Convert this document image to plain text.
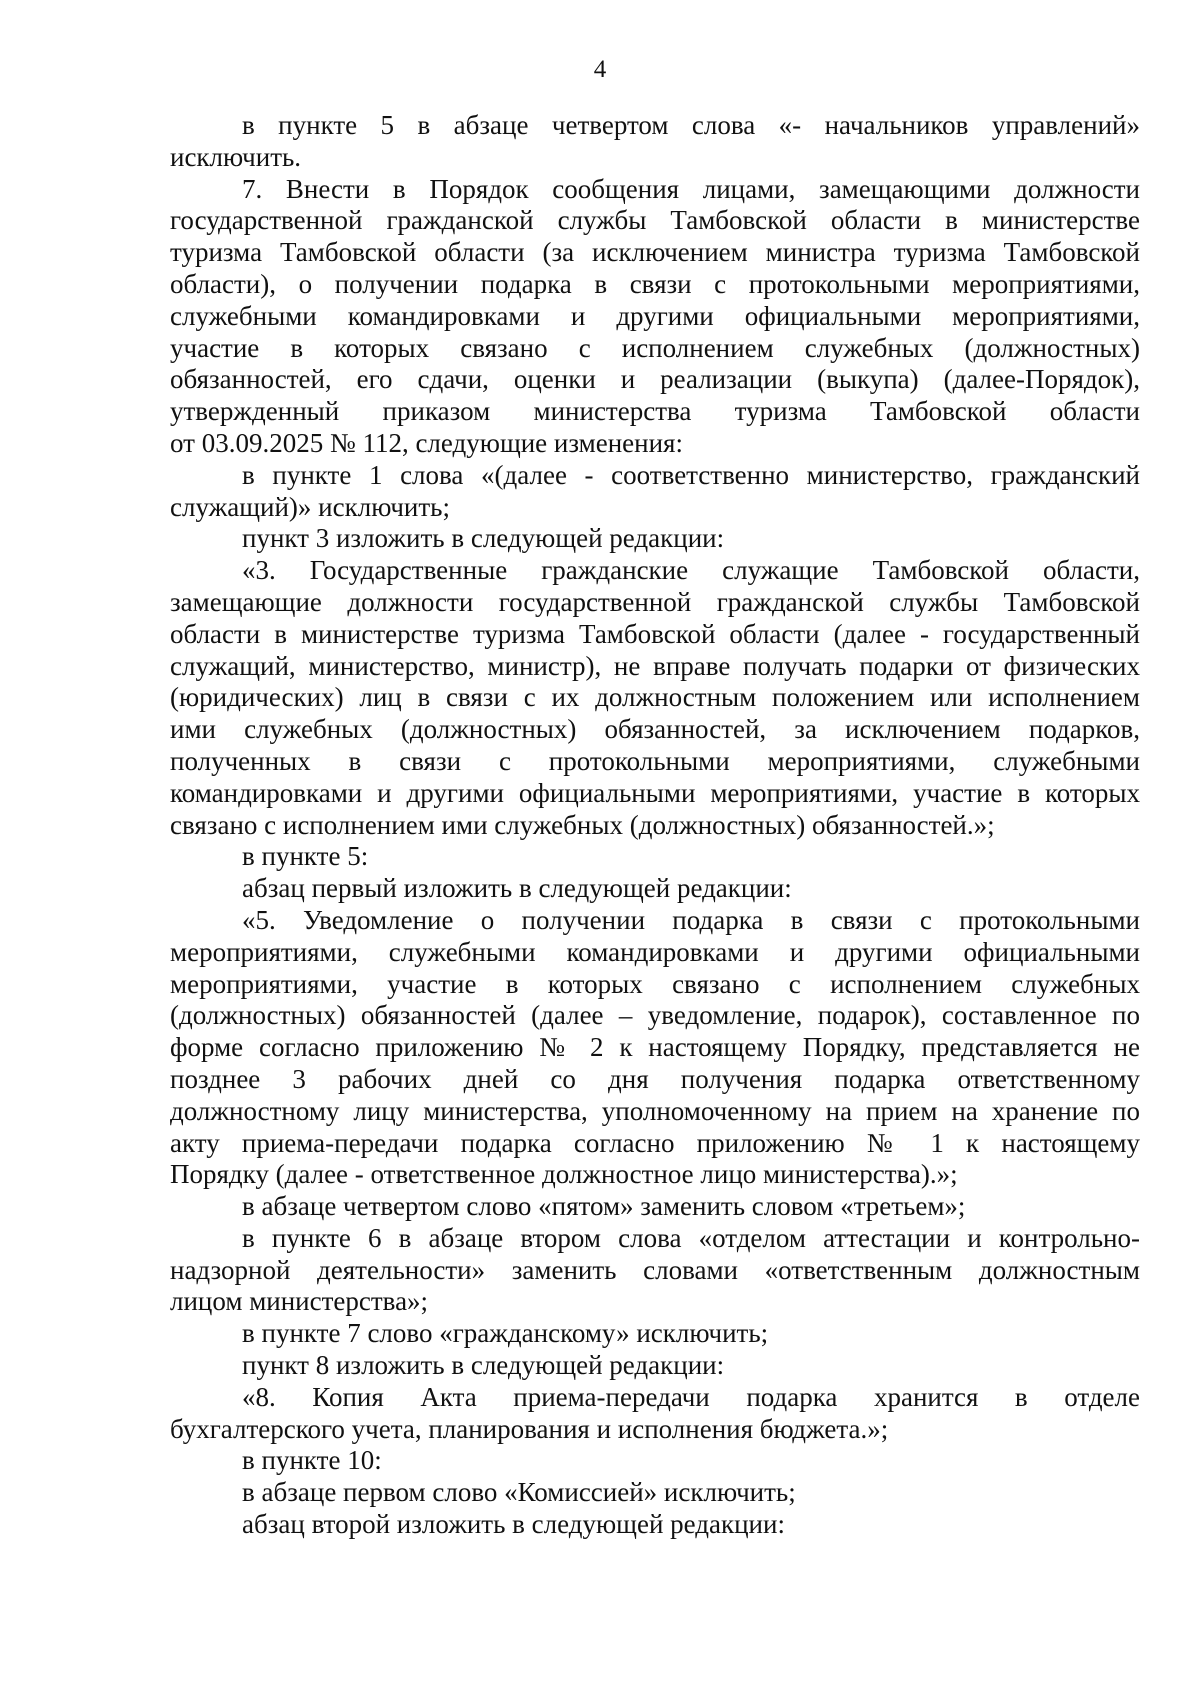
4
в пункте 5 в абзаце четвертом слова «- начальников управлений»
исключить.
7. Внести в Порядок сообщения лицами, замещающими должности
государственной гражданской службы Тамбовской области в министерстве
туризма Тамбовской области (за исключением министра туризма Тамбовской
области), о получении подарка в связи с протокольными мероприятиями,
служебными командировками и другими официальными мероприятиями,
участие в которых связано с исполнением служебных (должностных)
обязанностей, его сдачи, оценки и реализации (выкупа) (далее-Порядок),
утвержденный приказом министерства туризма Тамбовской области
от 03.09.2025 № 112, следующие изменения:
в пункте 1 слова «(далее - соответственно министерство, гражданский
служащий)» исключить;
пункт 3 изложить в следующей редакции:
«3. Государственные гражданские служащие Тамбовской области,
замещающие должности государственной гражданской службы Тамбовской
области в министерстве туризма Тамбовской области (далее - государственный
служащий, министерство, министр), не вправе получать подарки от физических
(юридических) лиц в связи с их должностным положением или исполнением
ими служебных (должностных) обязанностей, за исключением подарков,
полученных в связи с протокольными мероприятиями, служебными
командировками и другими официальными мероприятиями, участие в которых
связано с исполнением ими служебных (должностных) обязанностей.»;
в пункте 5:
абзац первый изложить в следующей редакции:
«5. Уведомление о получении подарка в связи с протокольными
мероприятиями, служебными командировками и другими официальными
мероприятиями, участие в которых связано с исполнением служебных
(должностных) обязанностей (далее – уведомление, подарок), составленное по
форме согласно приложению № 2 к настоящему Порядку, представляется не
позднее 3 рабочих дней со дня получения подарка ответственному
должностному лицу министерства, уполномоченному на прием на хранение по
акту приема-передачи подарка согласно приложению № 1 к настоящему
Порядку (далее - ответственное должностное лицо министерства).»;
в абзаце четвертом слово «пятом» заменить словом «третьем»;
в пункте 6 в абзаце втором слова «отделом аттестации и контрольно-
надзорной деятельности» заменить словами «ответственным должностным
лицом министерства»;
в пункте 7 слово «гражданскому» исключить;
пункт 8 изложить в следующей редакции:
«8. Копия Акта приема-передачи подарка хранится в отделе
бухгалтерского учета, планирования и исполнения бюджета.»;
в пункте 10:
в абзаце первом слово «Комиссией» исключить;
абзац второй изложить в следующей редакции:
